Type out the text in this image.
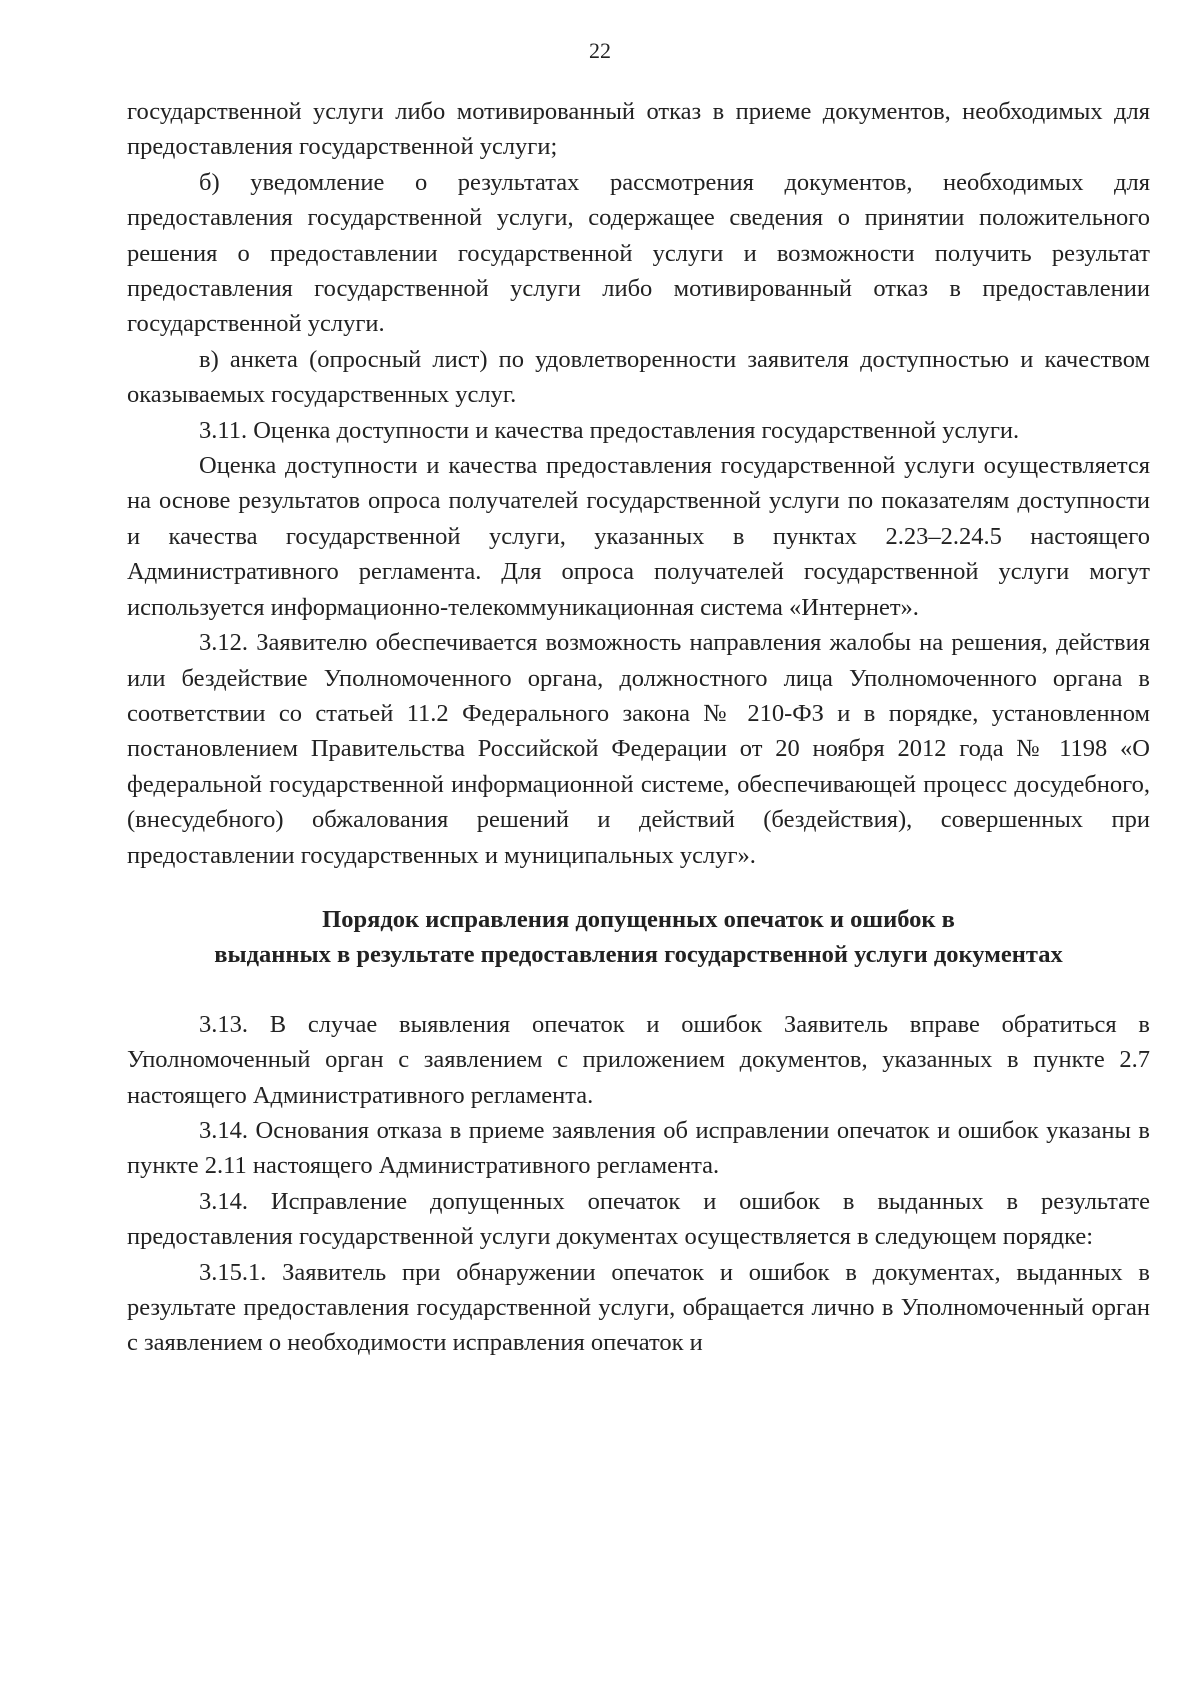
22

государственной услуги либо мотивированный отказ в приеме документов, необходимых для предоставления государственной услуги;

б) уведомление о результатах рассмотрения документов, необходимых для предоставления государственной услуги, содержащее сведения о принятии положительного решения о предоставлении государственной услуги и возможности получить результат предоставления государственной услуги либо мотивированный отказ в предоставлении государственной услуги.

в) анкета (опросный лист) по удовлетворенности заявителя доступностью и качеством оказываемых государственных услуг.

3.11. Оценка доступности и качества предоставления государственной услуги.

Оценка доступности и качества предоставления государственной услуги осуществляется на основе результатов опроса получателей государственной услуги по показателям доступности и качества государственной услуги, указанных в пунктах 2.23–2.24.5 настоящего Административного регламента. Для опроса получателей государственной услуги могут используется информационно-телекоммуникационная система «Интернет».

3.12. Заявителю обеспечивается возможность направления жалобы на решения, действия или бездействие Уполномоченного органа, должностного лица Уполномоченного органа в соответствии со статьей 11.2 Федерального закона № 210-ФЗ и в порядке, установленном постановлением Правительства Российской Федерации от 20 ноября 2012 года № 1198 «О федеральной государственной информационной системе, обеспечивающей процесс досудебного, (внесудебного) обжалования решений и действий (бездействия), совершенных при предоставлении государственных и муниципальных услуг».

Порядок исправления допущенных опечаток и ошибок в
выданных в результате предоставления государственной услуги документах

3.13. В случае выявления опечаток и ошибок Заявитель вправе обратиться в Уполномоченный орган с заявлением с приложением документов, указанных в пункте 2.7 настоящего Административного регламента.

3.14. Основания отказа в приеме заявления об исправлении опечаток и ошибок указаны в пункте 2.11 настоящего Административного регламента.

3.14. Исправление допущенных опечаток и ошибок в выданных в результате предоставления государственной услуги документах осуществляется в следующем порядке:

3.15.1. Заявитель при обнаружении опечаток и ошибок в документах, выданных в результате предоставления государственной услуги, обращается лично в Уполномоченный орган с заявлением о необходимости исправления опечаток и
